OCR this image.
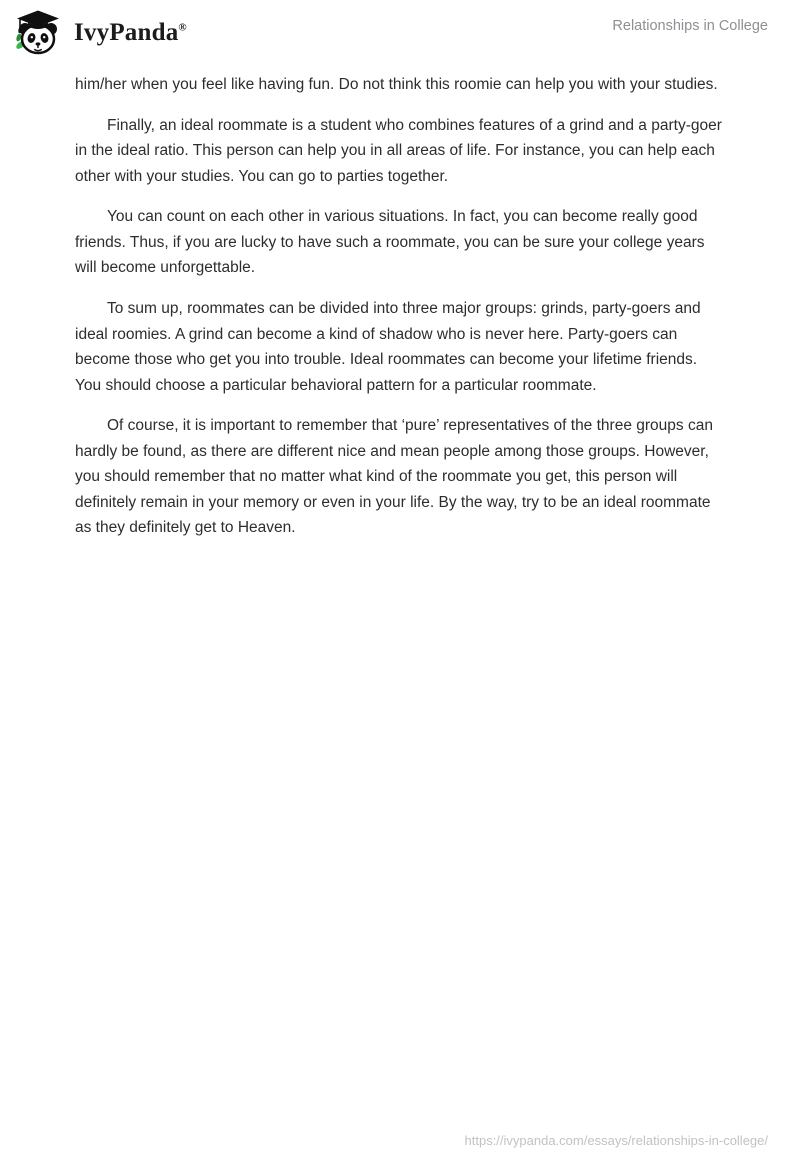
IvyPanda®	Relationships in College

him/her when you feel like having fun. Do not think this roomie can help you with your studies.

Finally, an ideal roommate is a student who combines features of a grind and a party-goer in the ideal ratio. This person can help you in all areas of life. For instance, you can help each other with your studies. You can go to parties together.

You can count on each other in various situations. In fact, you can become really good friends. Thus, if you are lucky to have such a roommate, you can be sure your college years will become unforgettable.

To sum up, roommates can be divided into three major groups: grinds, party-goers and ideal roomies. A grind can become a kind of shadow who is never here. Party-goers can become those who get you into trouble. Ideal roommates can become your lifetime friends. You should choose a particular behavioral pattern for a particular roommate.

Of course, it is important to remember that ‘pure’ representatives of the three groups can hardly be found, as there are different nice and mean people among those groups. However, you should remember that no matter what kind of the roommate you get, this person will definitely remain in your memory or even in your life. By the way, try to be an ideal roommate as they definitely get to Heaven.

https://ivypanda.com/essays/relationships-in-college/
